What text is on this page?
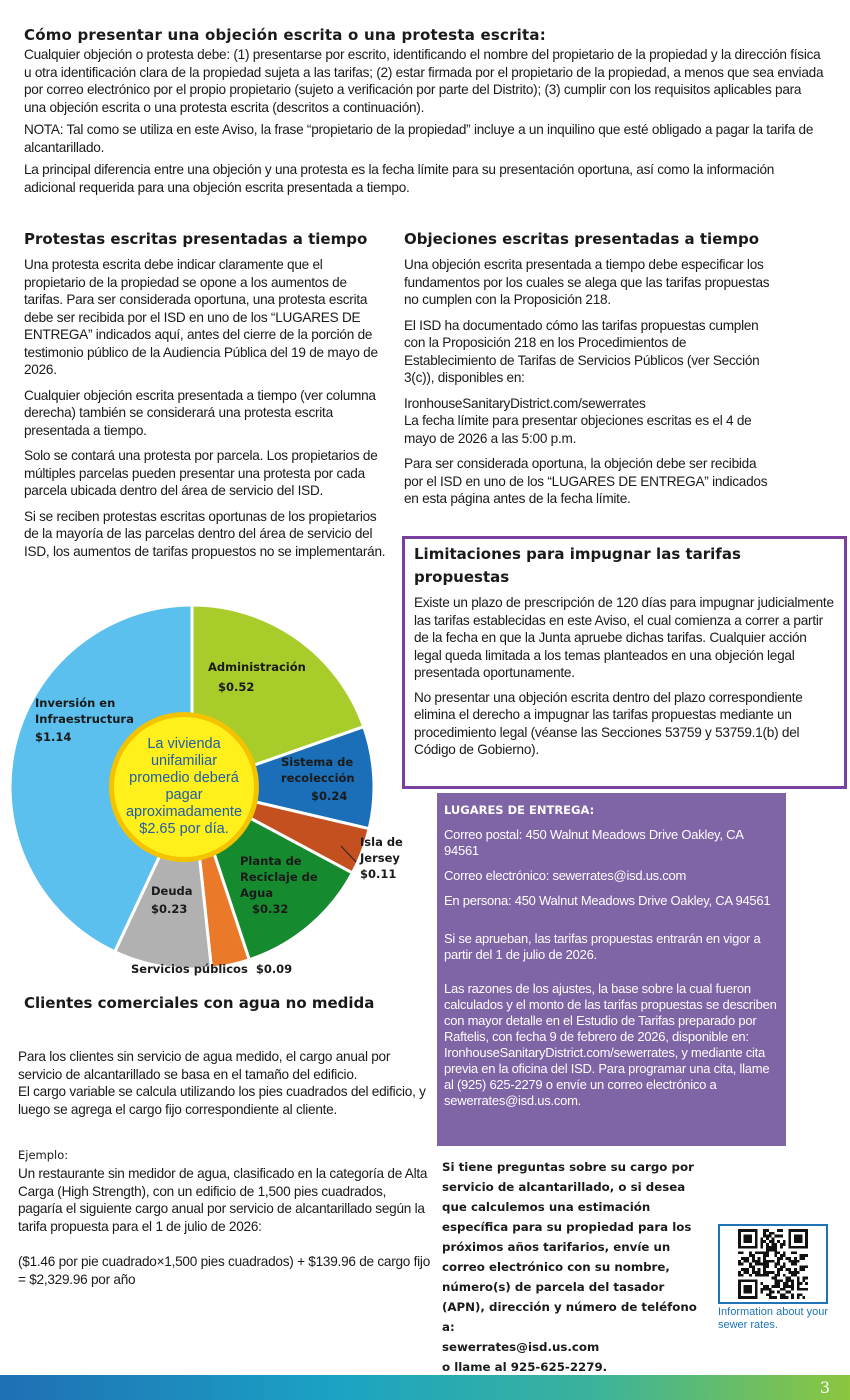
Cómo presentar una objeción escrita o una protesta escrita:

Cualquier objeción o protesta debe: (1) presentarse por escrito, identificando el nombre del propietario de la propiedad y la dirección física u otra identificación clara de la propiedad sujeta a las tarifas; (2) estar firmada por el propietario de la propiedad, a menos que sea enviada por correo electrónico por el propio propietario (sujeto a verificación por parte del Distrito); (3) cumplir con los requisitos aplicables para una objeción escrita o una protesta escrita (descritos a continuación).

NOTA: Tal como se utiliza en este Aviso, la frase “propietario de la propiedad” incluye a un inquilino que esté obligado a pagar la tarifa de alcantarillado.

La principal diferencia entre una objeción y una protesta es la fecha límite para su presentación oportuna, así como la información adicional requerida para una objeción escrita presentada a tiempo.

Protestas escritas presentadas a tiempo

Una protesta escrita debe indicar claramente que el propietario de la propiedad se opone a los aumentos de tarifas. Para ser considerada oportuna, una protesta escrita debe ser recibida por el ISD en uno de los “LUGARES DE ENTREGA” indicados aquí, antes del cierre de la porción de testimonio público de la Audiencia Pública del 19 de mayo de 2026.

Cualquier objeción escrita presentada a tiempo (ver columna derecha) también se considerará una protesta escrita presentada a tiempo.

Solo se contará una protesta por parcela. Los propietarios de múltiples parcelas pueden presentar una protesta por cada parcela ubicada dentro del área de servicio del ISD.

Si se reciben protestas escritas oportunas de los propietarios de la mayoría de las parcelas dentro del área de servicio del ISD, los aumentos de tarifas propuestos no se implementarán.

Objeciones escritas presentadas a tiempo

Una objeción escrita presentada a tiempo debe especificar los fundamentos por los cuales se alega que las tarifas propuestas no cumplen con la Proposición 218.

El ISD ha documentado cómo las tarifas propuestas cumplen con la Proposición 218 en los Procedimientos de Establecimiento de Tarifas de Servicios Públicos (ver Sección 3(c)), disponibles en:

IronhouseSanitaryDistrict.com/sewerrates

La fecha límite para presentar objeciones escritas es el 4 de mayo de 2026 a las 5:00 p.m.

Para ser considerada oportuna, la objeción debe ser recibida por el ISD en uno de los “LUGARES DE ENTREGA” indicados en esta página antes de la fecha límite.

Limitaciones para impugnar las tarifas propuestas

Existe un plazo de prescripción de 120 días para impugnar judicialmente las tarifas establecidas en este Aviso, el cual comienza a correr a partir de la fecha en que la Junta apruebe dichas tarifas. Cualquier acción legal queda limitada a los temas planteados en una objeción legal presentada oportunamente.

No presentar una objeción escrita dentro del plazo correspondiente elimina el derecho a impugnar las tarifas propuestas mediante un procedimiento legal (véanse las Secciones 53759 y 53759.1(b) del Código de Gobierno).

Administración
$0.52
Sistema de recolección
$0.24
Isla de Jersey
$0.11
Planta de Reciclaje de Agua
$0.32
Deuda
$0.23
Servicios públicos $0.09
Inversión en Infraestructura
$1.14	La vivienda unifamiliar promedio deberá pagar aproximadamente $2.65 por día.
Clientes comerciales con agua no medida

Para los clientes sin servicio de agua medido, el cargo anual por servicio de alcantarillado se basa en el tamaño del edificio.

El cargo variable se calcula utilizando los pies cuadrados del edificio, y luego se agrega el cargo fijo correspondiente al cliente.

Ejemplo:

Un restaurante sin medidor de agua, clasificado en la categoría de Alta Carga (High Strength), con un edificio de 1,500 pies cuadrados, pagaría el siguiente cargo anual por servicio de alcantarillado según la tarifa propuesta para el 1 de julio de 2026:

($1.46 por pie cuadrado×1,500 pies cuadrados) + $139.96 de cargo fijo = $2,329.96 por año

LUGARES DE ENTREGA:

Correo postal: 450 Walnut Meadows Drive Oakley, CA 94561

Correo electrónico: sewerrates@isd.us.com

En persona: 450 Walnut Meadows Drive Oakley, CA 94561

Si se aprueban, las tarifas propuestas entrarán en vigor a partir del 1 de julio de 2026.

Las razones de los ajustes, la base sobre la cual fueron calculados y el monto de las tarifas propuestas se describen con mayor detalle en el Estudio de Tarifas preparado por Raftelis, con fecha 9 de febrero de 2026, disponible en: IronhouseSanitaryDistrict.com/sewerrates, y mediante cita previa en la oficina del ISD. Para programar una cita, llame al (925) 625-2279 o envíe un correo electrónico a sewerrates@isd.us.com.

Si tiene preguntas sobre su cargo por servicio de alcantarillado, o si desea que calculemos una estimación específica para su propiedad para los próximos años tarifarios, envíe un correo electrónico con su nombre, número(s) de parcela del tasador (APN), dirección y número de teléfono a:
sewerrates@isd.us.com
o llame al 925-625-2279.
Information about your sewer rates.
3
